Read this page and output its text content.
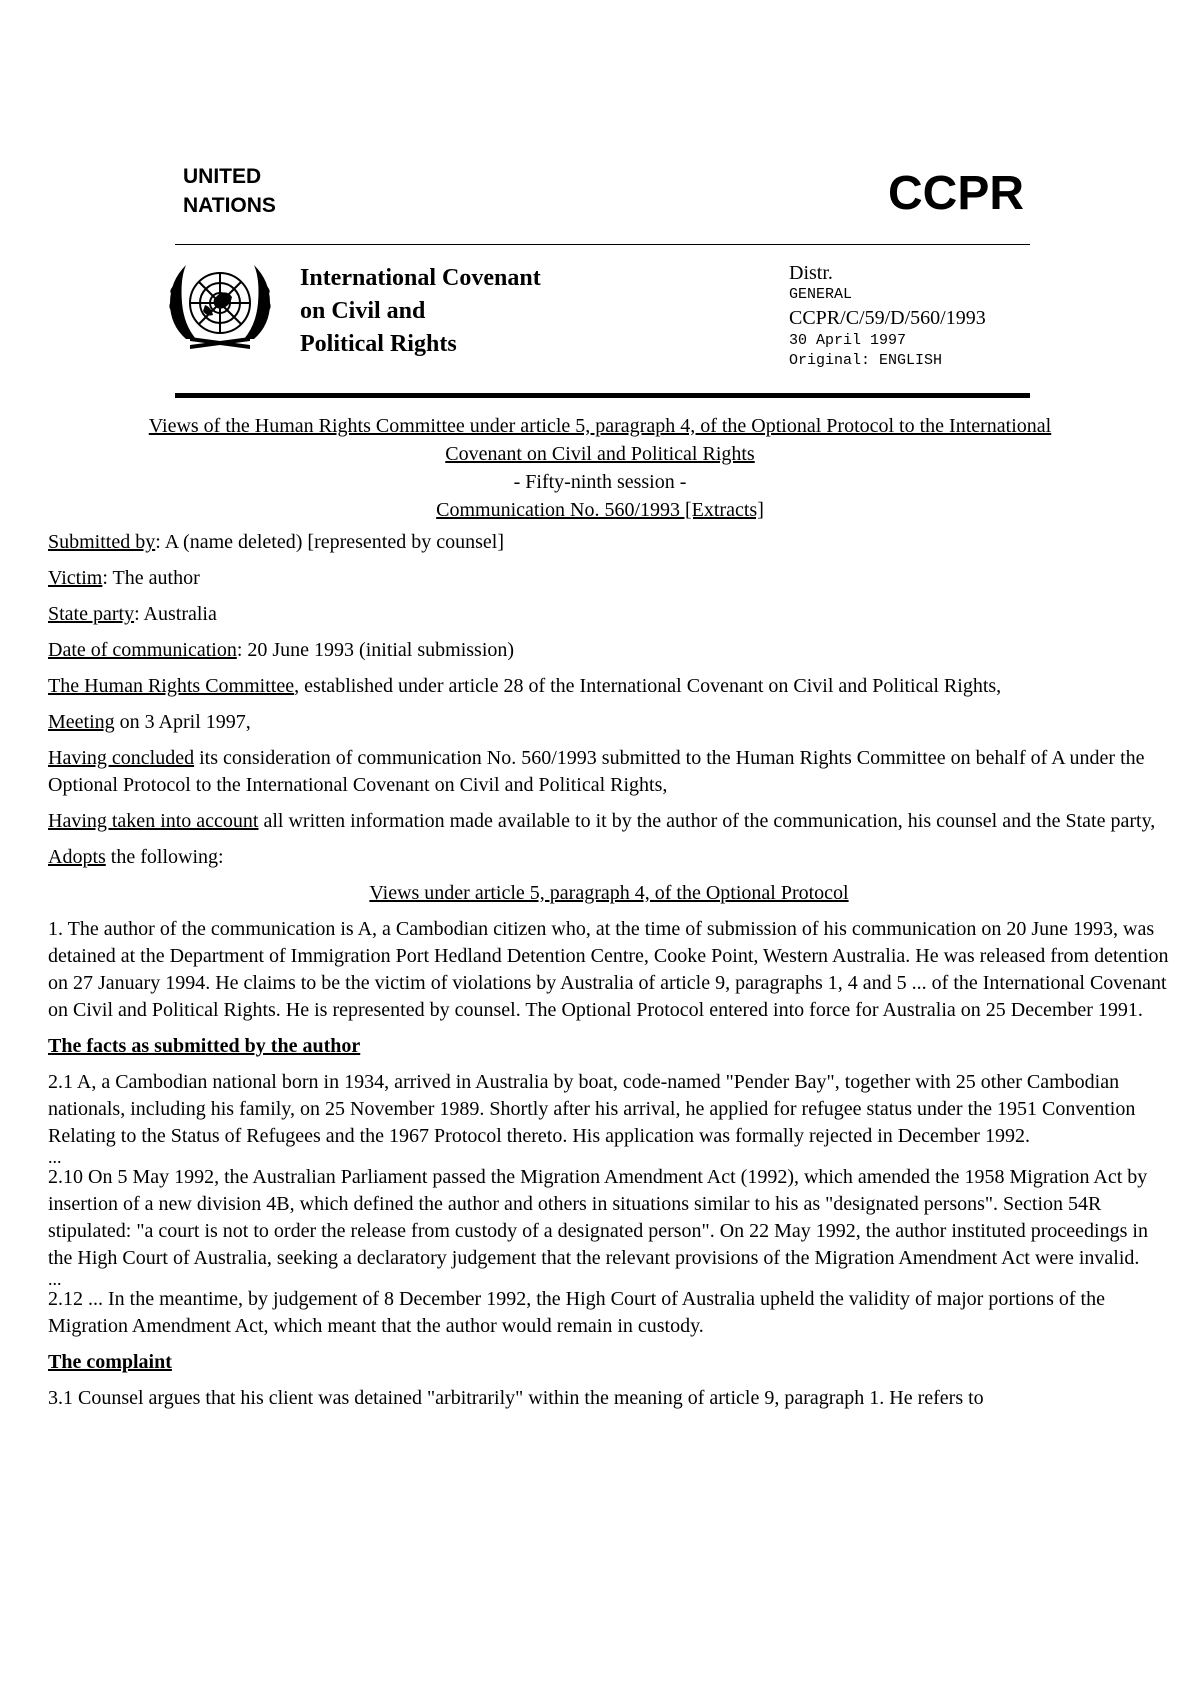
UNITED
NATIONS	CCPR
International Covenant
on Civil and
Political Rights
Distr.
GENERAL
CCPR/C/59/D/560/1993
30 April 1997
Original: ENGLISH
Views of the Human Rights Committee under article 5, paragraph 4, of the Optional Protocol to the International
Covenant on Civil and Political Rights
- Fifty-ninth session -
Communication No. 560/1993 [Extracts]

Submitted by: A (name deleted) [represented by counsel]

Victim: The author

State party: Australia

Date of communication: 20 June 1993 (initial submission)

The Human Rights Committee, established under article 28 of the International Covenant on Civil and Political Rights,

Meeting on 3 April 1997,

Having concluded its consideration of communication No. 560/1993 submitted to the Human Rights Committee on behalf of A under the Optional Protocol to the International Covenant on Civil and Political Rights,

Having taken into account all written information made available to it by the author of the communication, his counsel and the State party,

Adopts the following:

Views under article 5, paragraph 4, of the Optional Protocol

1. The author of the communication is A, a Cambodian citizen who, at the time of submission of his communication on 20 June 1993, was detained at the Department of Immigration Port Hedland Detention Centre, Cooke Point, Western Australia. He was released from detention on 27 January 1994. He claims to be the victim of violations by Australia of article 9, paragraphs 1, 4 and 5 ... of the International Covenant on Civil and Political Rights. He is represented by counsel. The Optional Protocol entered into force for Australia on 25 December 1991.

The facts as submitted by the author

2.1 A, a Cambodian national born in 1934, arrived in Australia by boat, code-named "Pender Bay", together with 25 other Cambodian nationals, including his family, on 25 November 1989. Shortly after his arrival, he applied for refugee status under the 1951 Convention Relating to the Status of Refugees and the 1967 Protocol thereto. His application was formally rejected in December 1992.

...

2.10 On 5 May 1992, the Australian Parliament passed the Migration Amendment Act (1992), which amended the 1958 Migration Act by insertion of a new division 4B, which defined the author and others in situations similar to his as "designated persons". Section 54R stipulated: "a court is not to order the release from custody of a designated person". On 22 May 1992, the author instituted proceedings in the High Court of Australia, seeking a declaratory judgement that the relevant provisions of the Migration Amendment Act were invalid.

...

2.12 ... In the meantime, by judgement of 8 December 1992, the High Court of Australia upheld the validity of major portions of the Migration Amendment Act, which meant that the author would remain in custody.

The complaint

3.1 Counsel argues that his client was detained "arbitrarily" within the meaning of article 9, paragraph 1. He refers to
